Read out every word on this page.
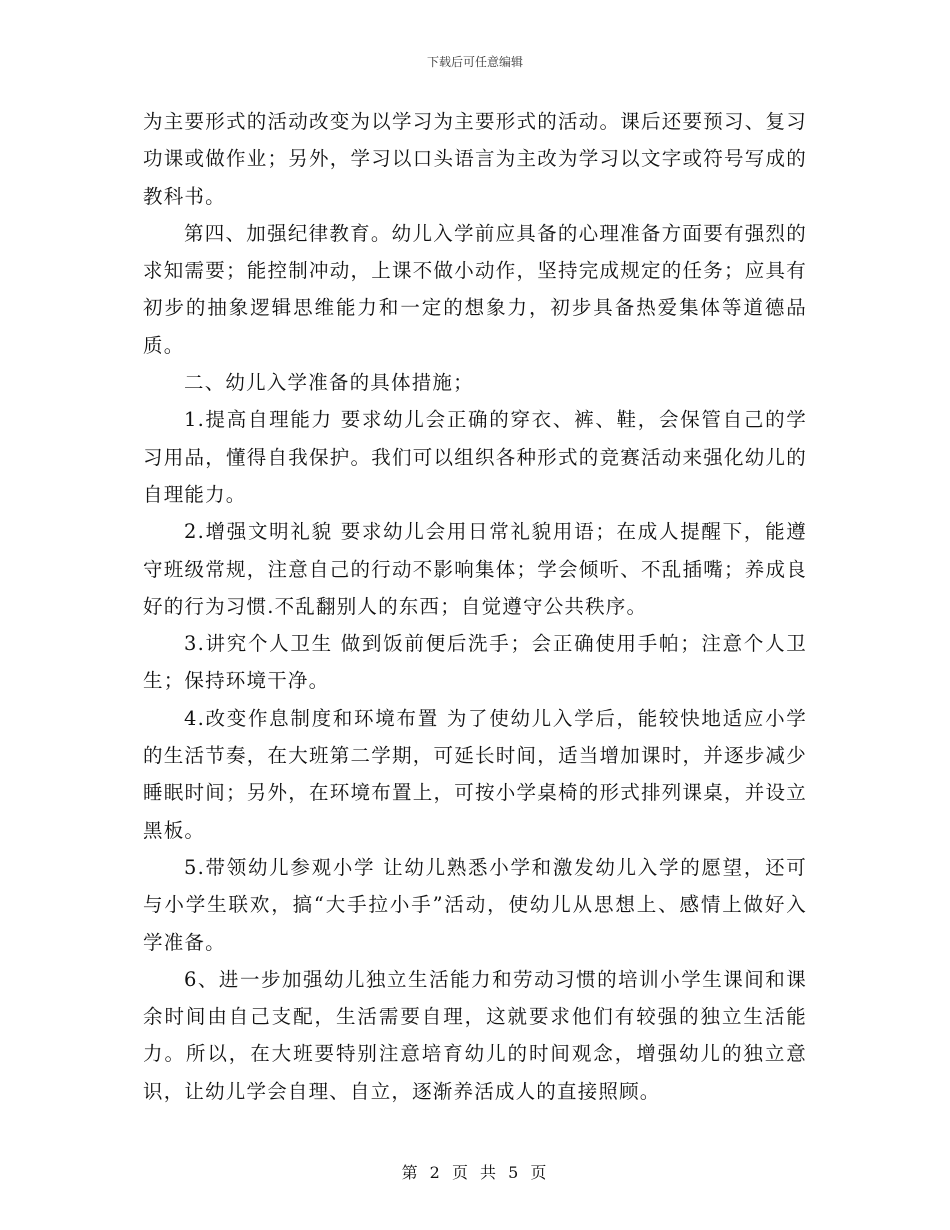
下载后可任意编辑

为主要形式的活动改变为以学习为主要形式的活动。课后还要预习、复习功课或做作业；另外，学习以口头语言为主改为学习以文字或符号写成的教科书。

第四、加强纪律教育。幼儿入学前应具备的心理准备方面要有强烈的求知需要；能控制冲动，上课不做小动作，坚持完成规定的任务；应具有初步的抽象逻辑思维能力和一定的想象力，初步具备热爱集体等道德品质。

二、幼儿入学准备的具体措施；

1.提高自理能力 要求幼儿会正确的穿衣、裤、鞋，会保管自己的学习用品，懂得自我保护。我们可以组织各种形式的竞赛活动来强化幼儿的自理能力。

2.增强文明礼貌 要求幼儿会用日常礼貌用语；在成人提醒下，能遵守班级常规，注意自己的行动不影响集体；学会倾听、不乱插嘴；养成良好的行为习惯.不乱翻别人的东西；自觉遵守公共秩序。

3.讲究个人卫生 做到饭前便后洗手；会正确使用手帕；注意个人卫生；保持环境干净。

4.改变作息制度和环境布置 为了使幼儿入学后，能较快地适应小学的生活节奏，在大班第二学期，可延长时间，适当增加课时，并逐步减少睡眠时间；另外，在环境布置上，可按小学桌椅的形式排列课桌，并设立黑板。

5.带领幼儿参观小学 让幼儿熟悉小学和激发幼儿入学的愿望，还可与小学生联欢，搞“大手拉小手”活动，使幼儿从思想上、感情上做好入学准备。

6、进一步加强幼儿独立生活能力和劳动习惯的培训小学生课间和课余时间由自己支配，生活需要自理，这就要求他们有较强的独立生活能力。所以，在大班要特别注意培育幼儿的时间观念，增强幼儿的独立意识，让幼儿学会自理、自立，逐渐养活成人的直接照顾。

第 2 页 共 5 页
